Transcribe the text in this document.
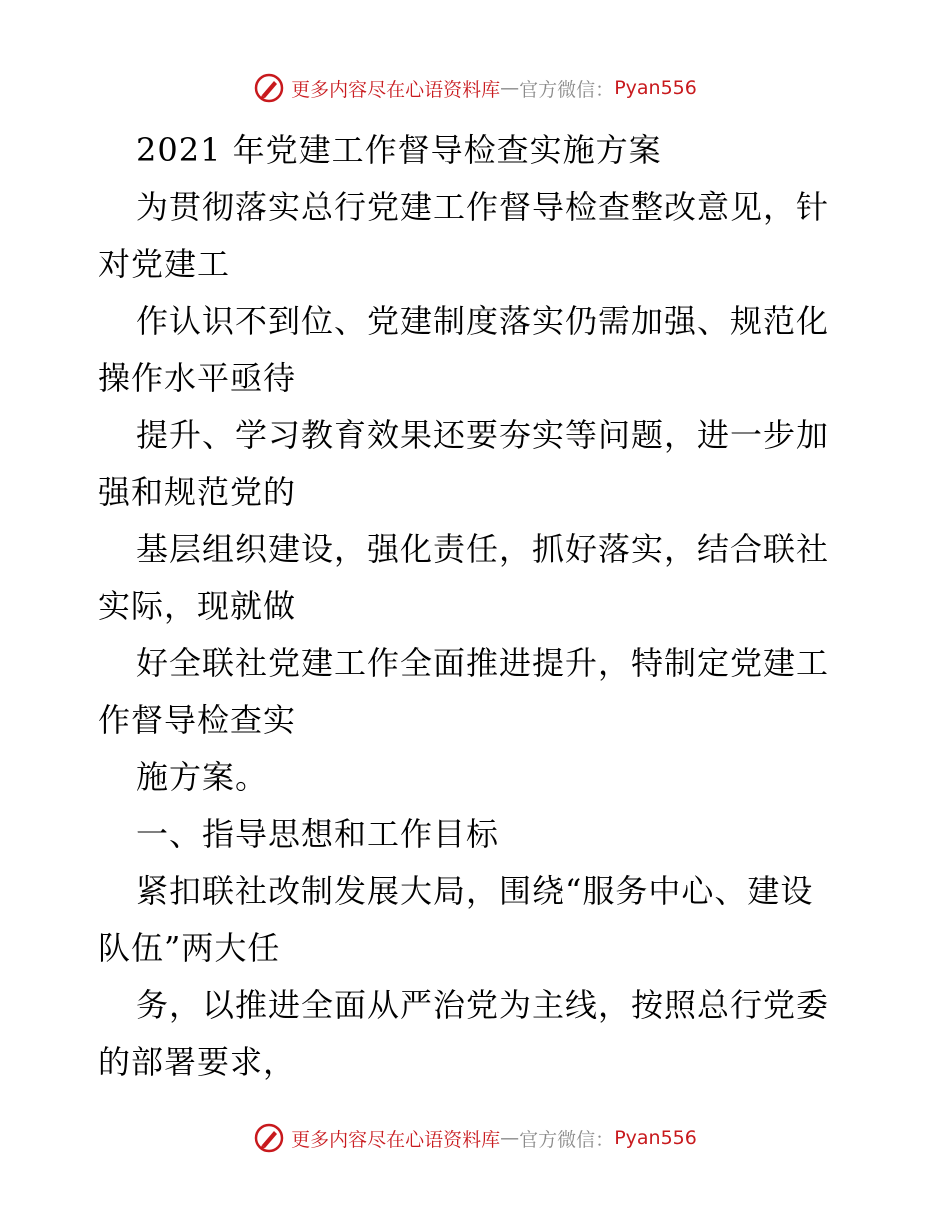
更多内容尽在心语资料库 — 官方微信： Pyan556
2021 年党建工作督导检查实施方案
为贯彻落实总行党建工作督导检查整改意见，针
对党建工
作认识不到位、党建制度落实仍需加强、规范化
操作水平亟待
提升、学习教育效果还要夯实等问题，进一步加
强和规范党的
基层组织建设，强化责任，抓好落实，结合联社
实际，现就做
好全联社党建工作全面推进提升，特制定党建工
作督导检查实
施方案。
一、指导思想和工作目标
紧扣联社改制发展大局，围绕“服务中心、建设
队伍”两大任
务，以推进全面从严治党为主线，按照总行党委
的部署要求，
更多内容尽在心语资料库 — 官方微信： Pyan556
